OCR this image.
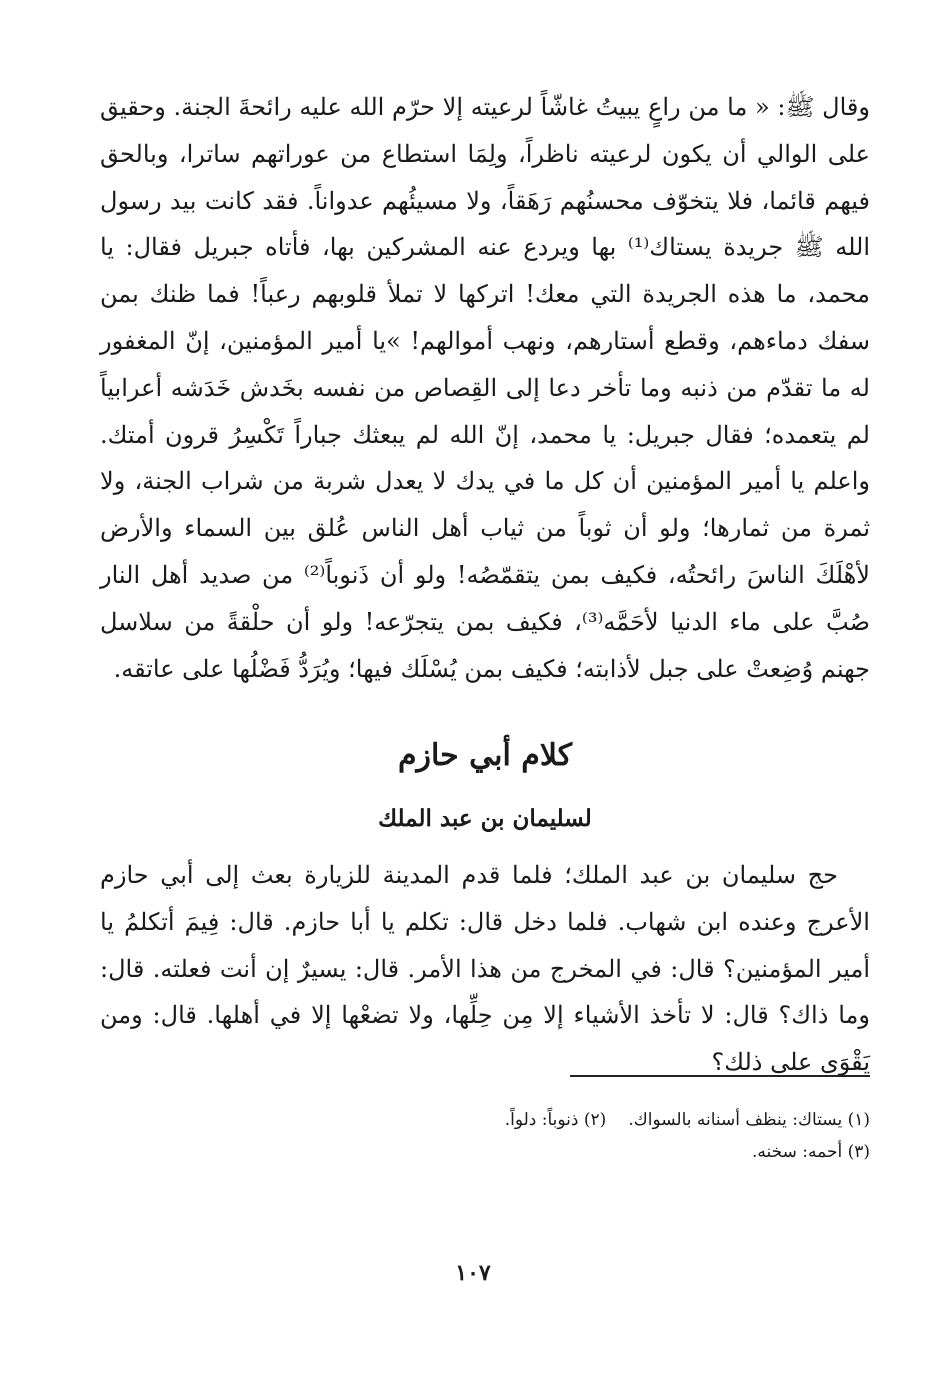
وقال ﷺ: « ما من راعٍ يبيتُ غاشّاً لرعيته إلا حرّم الله عليه رائحةَ الجنة. وحقيق على الوالي أن يكون لرعيته ناظراً، ولِمَا استطاع من عوراتهم ساترا، وبالحق فيهم قائما، فلا يتخوّف محسنُهم رَهَقاً، ولا مسيئُهم عدواناً. فقد كانت بيد رسول الله ﷺ جريدة يستاك⁽¹⁾ بها ويردع عنه المشركين بها، فأتاه جبريل فقال: يا محمد، ما هذه الجريدة التي معك! اتركها لا تملأ قلوبهم رعباً! فما ظنك بمن سفك دماءهم، وقطع أستارهم، ونهب أموالهم! »يا أمير المؤمنين، إنّ المغفور له ما تقدّم من ذنبه وما تأخر دعا إلى القِصاص من نفسه بخَدش خَدَشه أعرابياً لم يتعمده؛ فقال جبريل: يا محمد، إنّ الله لم يبعثك جباراً تَكْسِرُ قرون أمتك. واعلم يا أمير المؤمنين أن كل ما في يدك لا يعدل شربة من شراب الجنة، ولا ثمرة من ثمارها؛ ولو أن ثوباً من ثياب أهل الناس عُلق بين السماء والأرض لأهْلَكَ الناسَ رائحتُه، فكيف بمن يتقمّصُه! ولو أن ذَنوباً⁽²⁾ من صديد أهل النار صُبَّ على ماء الدنيا لأحَمَّه⁽³⁾، فكيف بمن يتجرّعه! ولو أن حلْقةً من سلاسل جهنم وُضِعتْ على جبل لأذابته؛ فكيف بمن يُسْلَك فيها؛ ويُرَدُّ فَضْلُها على عاتقه.

كلام أبي حازم
لسليمان بن عبد الملك

حج سليمان بن عبد الملك؛ فلما قدم المدينة للزيارة بعث إلى أبي حازم الأعرج وعنده ابن شهاب. فلما دخل قال: تكلم يا أبا حازم. قال: فِيمَ أتكلمُ يا أمير المؤمنين؟ قال: في المخرج من هذا الأمر. قال: يسيرٌ إن أنت فعلته. قال: وما ذاك؟ قال: لا تأخذ الأشياء إلا مِن حِلِّها، ولا تضعْها إلا في أهلها. قال: ومن يَقْوَى على ذلك؟

(١) يستاك: ينظف أسنانه بالسواك.(٢) ذنوباً: دلواً.
(٣) أحمه: سخنه.
١٠٧
